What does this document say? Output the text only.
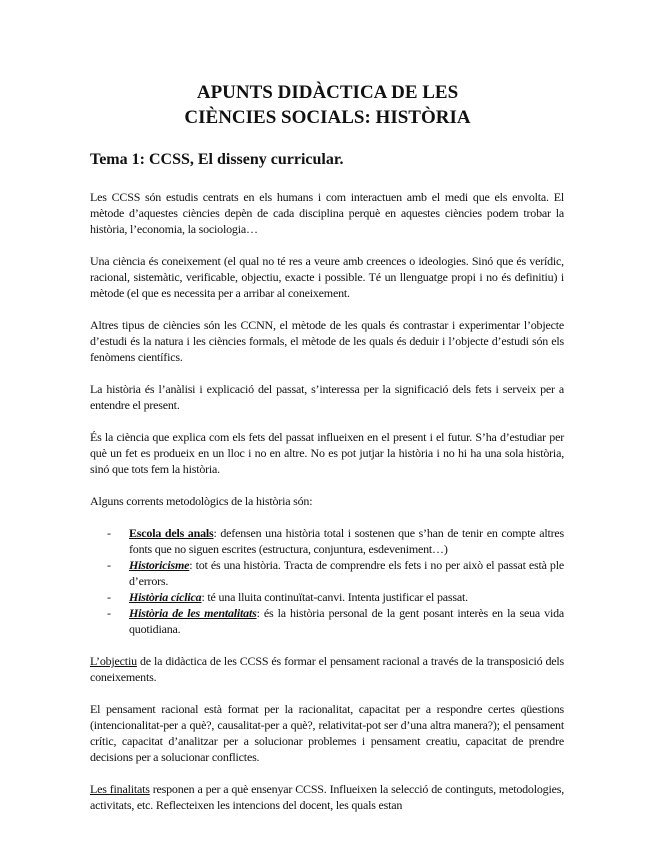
APUNTS DIDÀCTICA DE LES
CIÈNCIES SOCIALS: HISTÒRIA
Tema 1: CCSS, El disseny curricular.

Les CCSS són estudis centrats en els humans i com interactuen amb el medi que els envolta. El mètode d’aquestes ciències depèn de cada disciplina perquè en aquestes ciències podem trobar la història, l’economia, la sociologia…

Una ciència és coneixement (el qual no té res a veure amb creences o ideologies. Sinó que és verídic, racional, sistemàtic, verificable, objectiu, exacte i possible. Té un llenguatge propi i no és definitiu) i mètode (el que es necessita per a arribar al coneixement.

Altres tipus de ciències són les CCNN, el mètode de les quals és contrastar i experimentar l’objecte d’estudi és la natura i les ciències formals, el mètode de les quals és deduir i l’objecte d’estudi són els fenòmens científics.

La història és l’anàlisi i explicació del passat, s’interessa per la significació dels fets i serveix per a entendre el present.

És la ciència que explica com els fets del passat influeixen en el present i el futur. S’ha d’estudiar per què un fet es produeix en un lloc i no en altre. No es pot jutjar la història i no hi ha una sola història, sinó que tots fem la història.

Alguns corrents metodològics de la història són:

- Escola dels anals: defensen una història total i sostenen que s’han de tenir en compte altres fonts que no siguen escrites (estructura, conjuntura, esdeveniment…)
- Historicisme: tot és una història. Tracta de comprendre els fets i no per això el passat està ple d’errors.
- Història cíclica: té una lluita continuïtat-canvi. Intenta justificar el passat.
- Història de les mentalitats: és la història personal de la gent posant interès en la seua vida quotidiana.

L’objectiu de la didàctica de les CCSS és formar el pensament racional a través de la transposició dels coneixements.

El pensament racional està format per la racionalitat, capacitat per a respondre certes qüestions (intencionalitat-per a què?, causalitat-per a què?, relativitat-pot ser d’una altra manera?); el pensament crític, capacitat d’analitzar per a solucionar problemes i pensament creatiu, capacitat de prendre decisions per a solucionar conflictes.

Les finalitats responen a per a què ensenyar CCSS. Influeixen la selecció de continguts, metodologies, activitats, etc. Reflecteixen les intencions del docent, les quals estan
